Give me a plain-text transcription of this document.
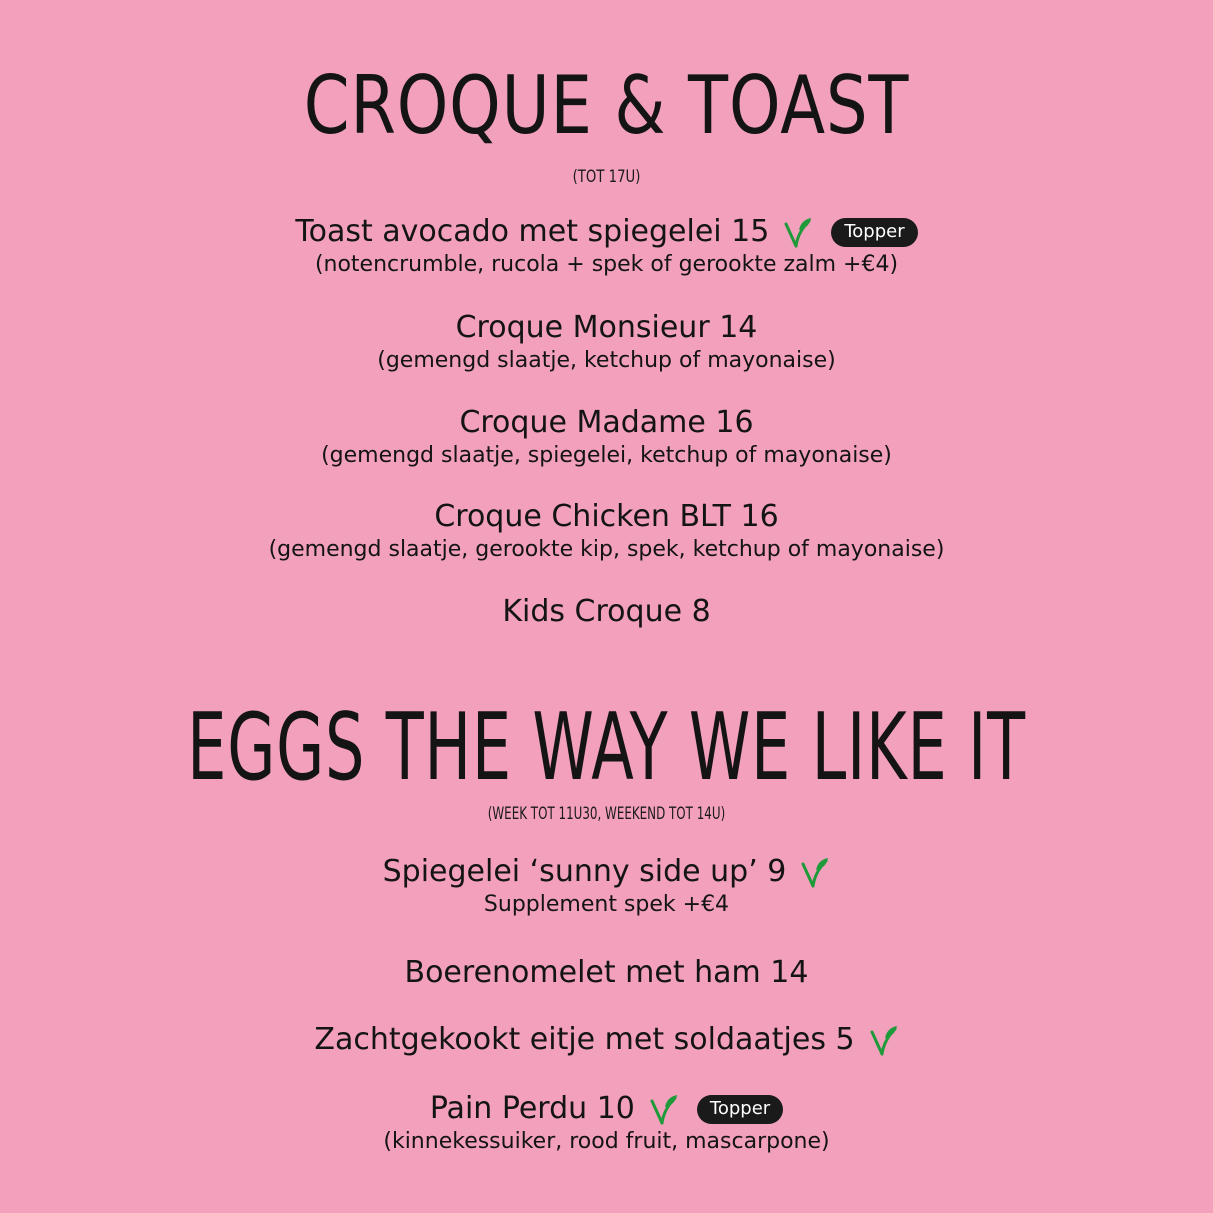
CROQUE & TOAST
(TOT 17U)
Toast avocado met spiegelei 15	Topper
(notencrumble, rucola + spek of gerookte zalm +€4)
Croque Monsieur 14
(gemengd slaatje, ketchup of mayonaise)
Croque Madame 16
(gemengd slaatje, spiegelei, ketchup of mayonaise)
Croque Chicken BLT 16
(gemengd slaatje, gerookte kip, spek, ketchup of mayonaise)
Kids Croque 8
EGGS THE WAY WE LIKE IT
(WEEK TOT 11U30, WEEKEND TOT 14U)
Spiegelei ‘sunny side up’ 9
Supplement spek +€4
Boerenomelet met ham 14
Zachtgekookt eitje met soldaatjes 5
Pain Perdu 10	Topper
(kinnekessuiker, rood fruit, mascarpone)
